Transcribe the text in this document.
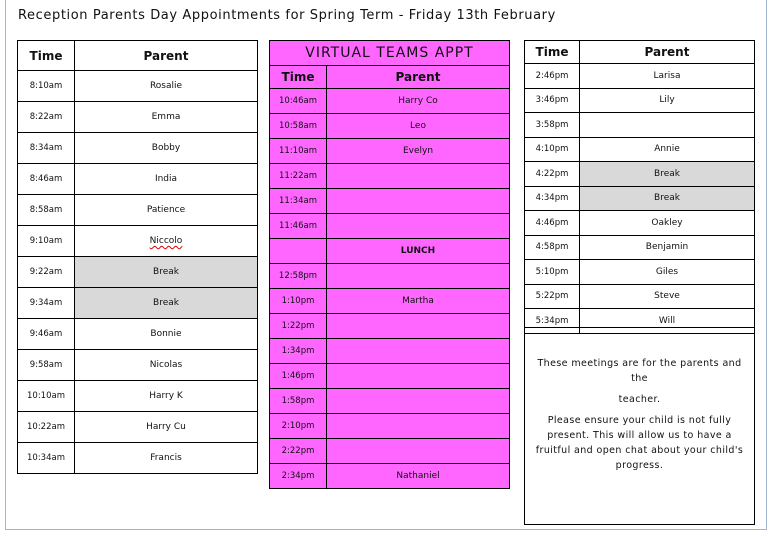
Reception Parents Day Appointments for Spring Term - Friday 13th February
Time	Parent
8:10am	Rosalie
8:22am	Emma
8:34am	Bobby
8:46am	India
8:58am	Patience
9:10am	Niccolo
9:22am	Break
9:34am	Break
9:46am	Bonnie
9:58am	Nicolas
10:10am	Harry K
10:22am	Harry Cu
10:34am	Francis
VIRTUAL TEAMS APPT	
Time	Parent
10:46am	Harry Co
10:58am	Leo
11:10am	Evelyn
11:22am	
11:34am	
11:46am	
	LUNCH
12:58pm	
1:10pm	Martha
1:22pm	
1:34pm	
1:46pm	
1:58pm	
2:10pm	
2:22pm	
2:34pm	Nathaniel
Time	Parent
2:46pm	Larisa
3:46pm	Lily
3:58pm	
4:10pm	Annie
4:22pm	Break
4:34pm	Break
4:46pm	Oakley
4:58pm	Benjamin
5:10pm	Giles
5:22pm	Steve
5:34pm	Will

These meetings are for the parents and the

teacher.

Please ensure your child is not fully present. This will allow us to have a fruitful and open chat about your child's progress.
